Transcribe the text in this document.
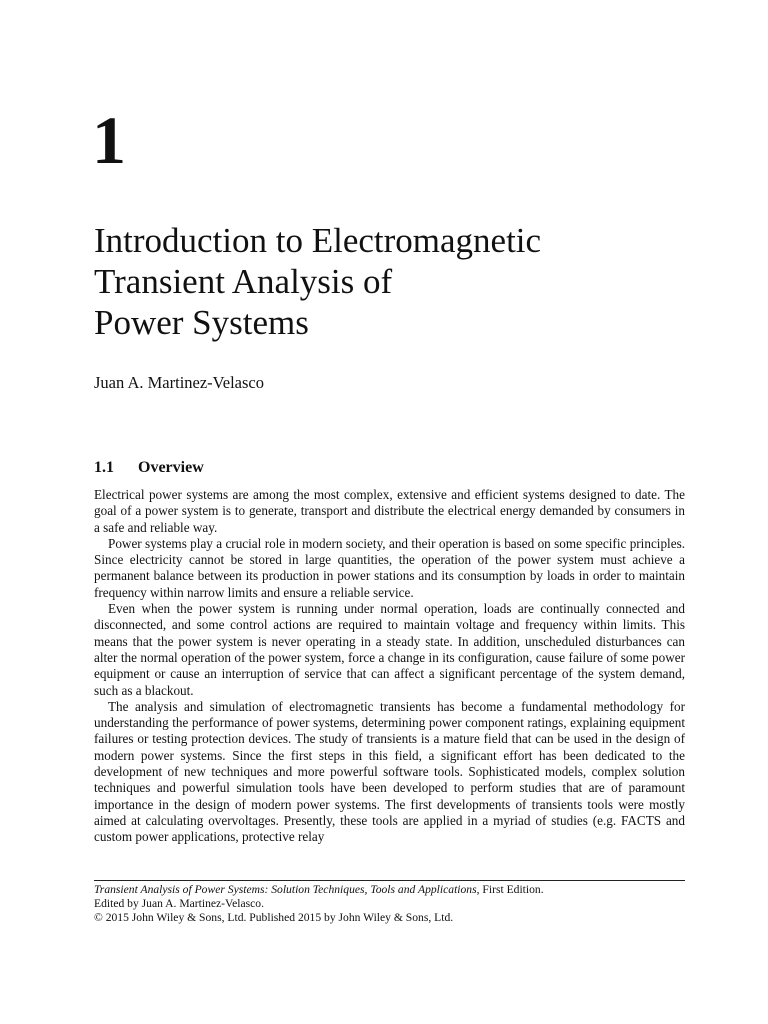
1
Introduction to Electromagnetic
Transient Analysis of
Power Systems

Juan A. Martinez-Velasco

1.1 Overview

Electrical power systems are among the most complex, extensive and efficient systems designed to date. The goal of a power system is to generate, transport and distribute the electrical energy demanded by consumers in a safe and reliable way.

Power systems play a crucial role in modern society, and their operation is based on some specific principles. Since electricity cannot be stored in large quantities, the operation of the power system must achieve a permanent balance between its production in power stations and its consumption by loads in order to maintain frequency within narrow limits and ensure a reliable service.

Even when the power system is running under normal operation, loads are continually connected and disconnected, and some control actions are required to maintain voltage and frequency within limits. This means that the power system is never operating in a steady state. In addition, unscheduled disturbances can alter the normal operation of the power system, force a change in its configuration, cause failure of some power equipment or cause an interruption of service that can affect a significant percentage of the system demand, such as a blackout.

The analysis and simulation of electromagnetic transients has become a fundamental methodology for understanding the performance of power systems, determining power component ratings, explaining equipment failures or testing protection devices. The study of transients is a mature field that can be used in the design of modern power systems. Since the first steps in this field, a significant effort has been dedicated to the development of new techniques and more powerful software tools. Sophisticated models, complex solution techniques and powerful simulation tools have been developed to perform studies that are of paramount importance in the design of modern power systems. The first developments of transients tools were mostly aimed at calculating overvoltages. Presently, these tools are applied in a myriad of studies (e.g. FACTS and custom power applications, protective relay

Transient Analysis of Power Systems: Solution Techniques, Tools and Applications, First Edition.
Edited by Juan A. Martinez-Velasco.
© 2015 John Wiley & Sons, Ltd. Published 2015 by John Wiley & Sons, Ltd.
